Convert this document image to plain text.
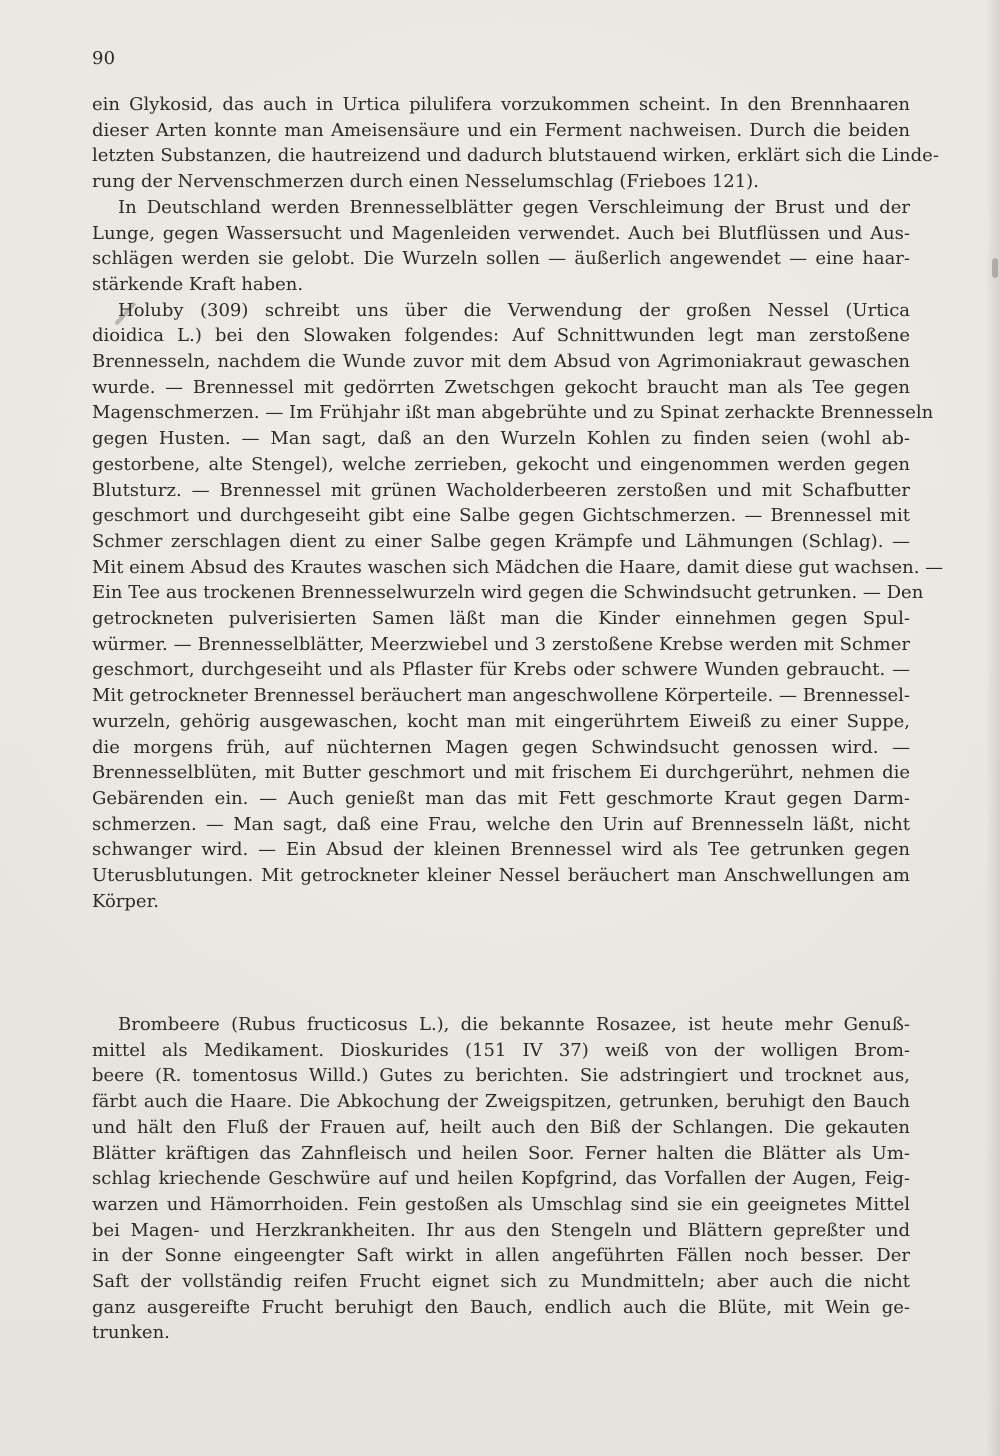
90
ein Glykosid, das auch in Urtica pilulifera vorzukommen scheint. In den Brennhaaren
dieser Arten konnte man Ameisensäure und ein Ferment nachweisen. Durch die beiden
letzten Substanzen, die hautreizend und dadurch blutstauend wirken, erklärt sich die Linde-
rung der Nervenschmerzen durch einen Nesselumschlag (Frieboes 121).
In Deutschland werden Brennesselblätter gegen Verschleimung der Brust und der
Lunge, gegen Wassersucht und Magenleiden verwendet. Auch bei Blutflüssen und Aus-
schlägen werden sie gelobt. Die Wurzeln sollen — äußerlich angewendet — eine haar-
stärkende Kraft haben.
Holuby (309) schreibt uns über die Verwendung der großen Nessel (Urtica
dioidica L.) bei den Slowaken folgendes: Auf Schnittwunden legt man zerstoßene
Brennesseln, nachdem die Wunde zuvor mit dem Absud von Agrimoniakraut gewaschen
wurde. — Brennessel mit gedörrten Zwetschgen gekocht braucht man als Tee gegen
Magenschmerzen. — Im Frühjahr ißt man abgebrühte und zu Spinat zerhackte Brennesseln
gegen Husten. — Man sagt, daß an den Wurzeln Kohlen zu finden seien (wohl ab-
gestorbene, alte Stengel), welche zerrieben, gekocht und eingenommen werden gegen
Blutsturz. — Brennessel mit grünen Wacholderbeeren zerstoßen und mit Schafbutter
geschmort und durchgeseiht gibt eine Salbe gegen Gichtschmerzen. — Brennessel mit
Schmer zerschlagen dient zu einer Salbe gegen Krämpfe und Lähmungen (Schlag). —
Mit einem Absud des Krautes waschen sich Mädchen die Haare, damit diese gut wachsen. —
Ein Tee aus trockenen Brennesselwurzeln wird gegen die Schwindsucht getrunken. — Den
getrockneten pulverisierten Samen läßt man die Kinder einnehmen gegen Spul-
würmer. — Brennesselblätter, Meerzwiebel und 3 zerstoßene Krebse werden mit Schmer
geschmort, durchgeseiht und als Pflaster für Krebs oder schwere Wunden gebraucht. —
Mit getrockneter Brennessel beräuchert man angeschwollene Körperteile. — Brennessel-
wurzeln, gehörig ausgewaschen, kocht man mit eingerührtem Eiweiß zu einer Suppe,
die morgens früh, auf nüchternen Magen gegen Schwindsucht genossen wird. —
Brennesselblüten, mit Butter geschmort und mit frischem Ei durchgerührt, nehmen die
Gebärenden ein. — Auch genießt man das mit Fett geschmorte Kraut gegen Darm-
schmerzen. — Man sagt, daß eine Frau, welche den Urin auf Brennesseln läßt, nicht
schwanger wird. — Ein Absud der kleinen Brennessel wird als Tee getrunken gegen
Uterusblutungen. Mit getrockneter kleiner Nessel beräuchert man Anschwellungen am
Körper.
Brombeere (Rubus fructicosus L.), die bekannte Rosazee, ist heute mehr Genuß-
mittel als Medikament. Dioskurides (151 IV 37) weiß von der wolligen Brom-
beere (R. tomentosus Willd.) Gutes zu berichten. Sie adstringiert und trocknet aus,
färbt auch die Haare. Die Abkochung der Zweigspitzen, getrunken, beruhigt den Bauch
und hält den Fluß der Frauen auf, heilt auch den Biß der Schlangen. Die gekauten
Blätter kräftigen das Zahnfleisch und heilen Soor. Ferner halten die Blätter als Um-
schlag kriechende Geschwüre auf und heilen Kopfgrind, das Vorfallen der Augen, Feig-
warzen und Hämorrhoiden. Fein gestoßen als Umschlag sind sie ein geeignetes Mittel
bei Magen- und Herzkrankheiten. Ihr aus den Stengeln und Blättern gepreßter und
in der Sonne eingeengter Saft wirkt in allen angeführten Fällen noch besser. Der
Saft der vollständig reifen Frucht eignet sich zu Mundmitteln; aber auch die nicht
ganz ausgereifte Frucht beruhigt den Bauch, endlich auch die Blüte, mit Wein ge-
trunken.
